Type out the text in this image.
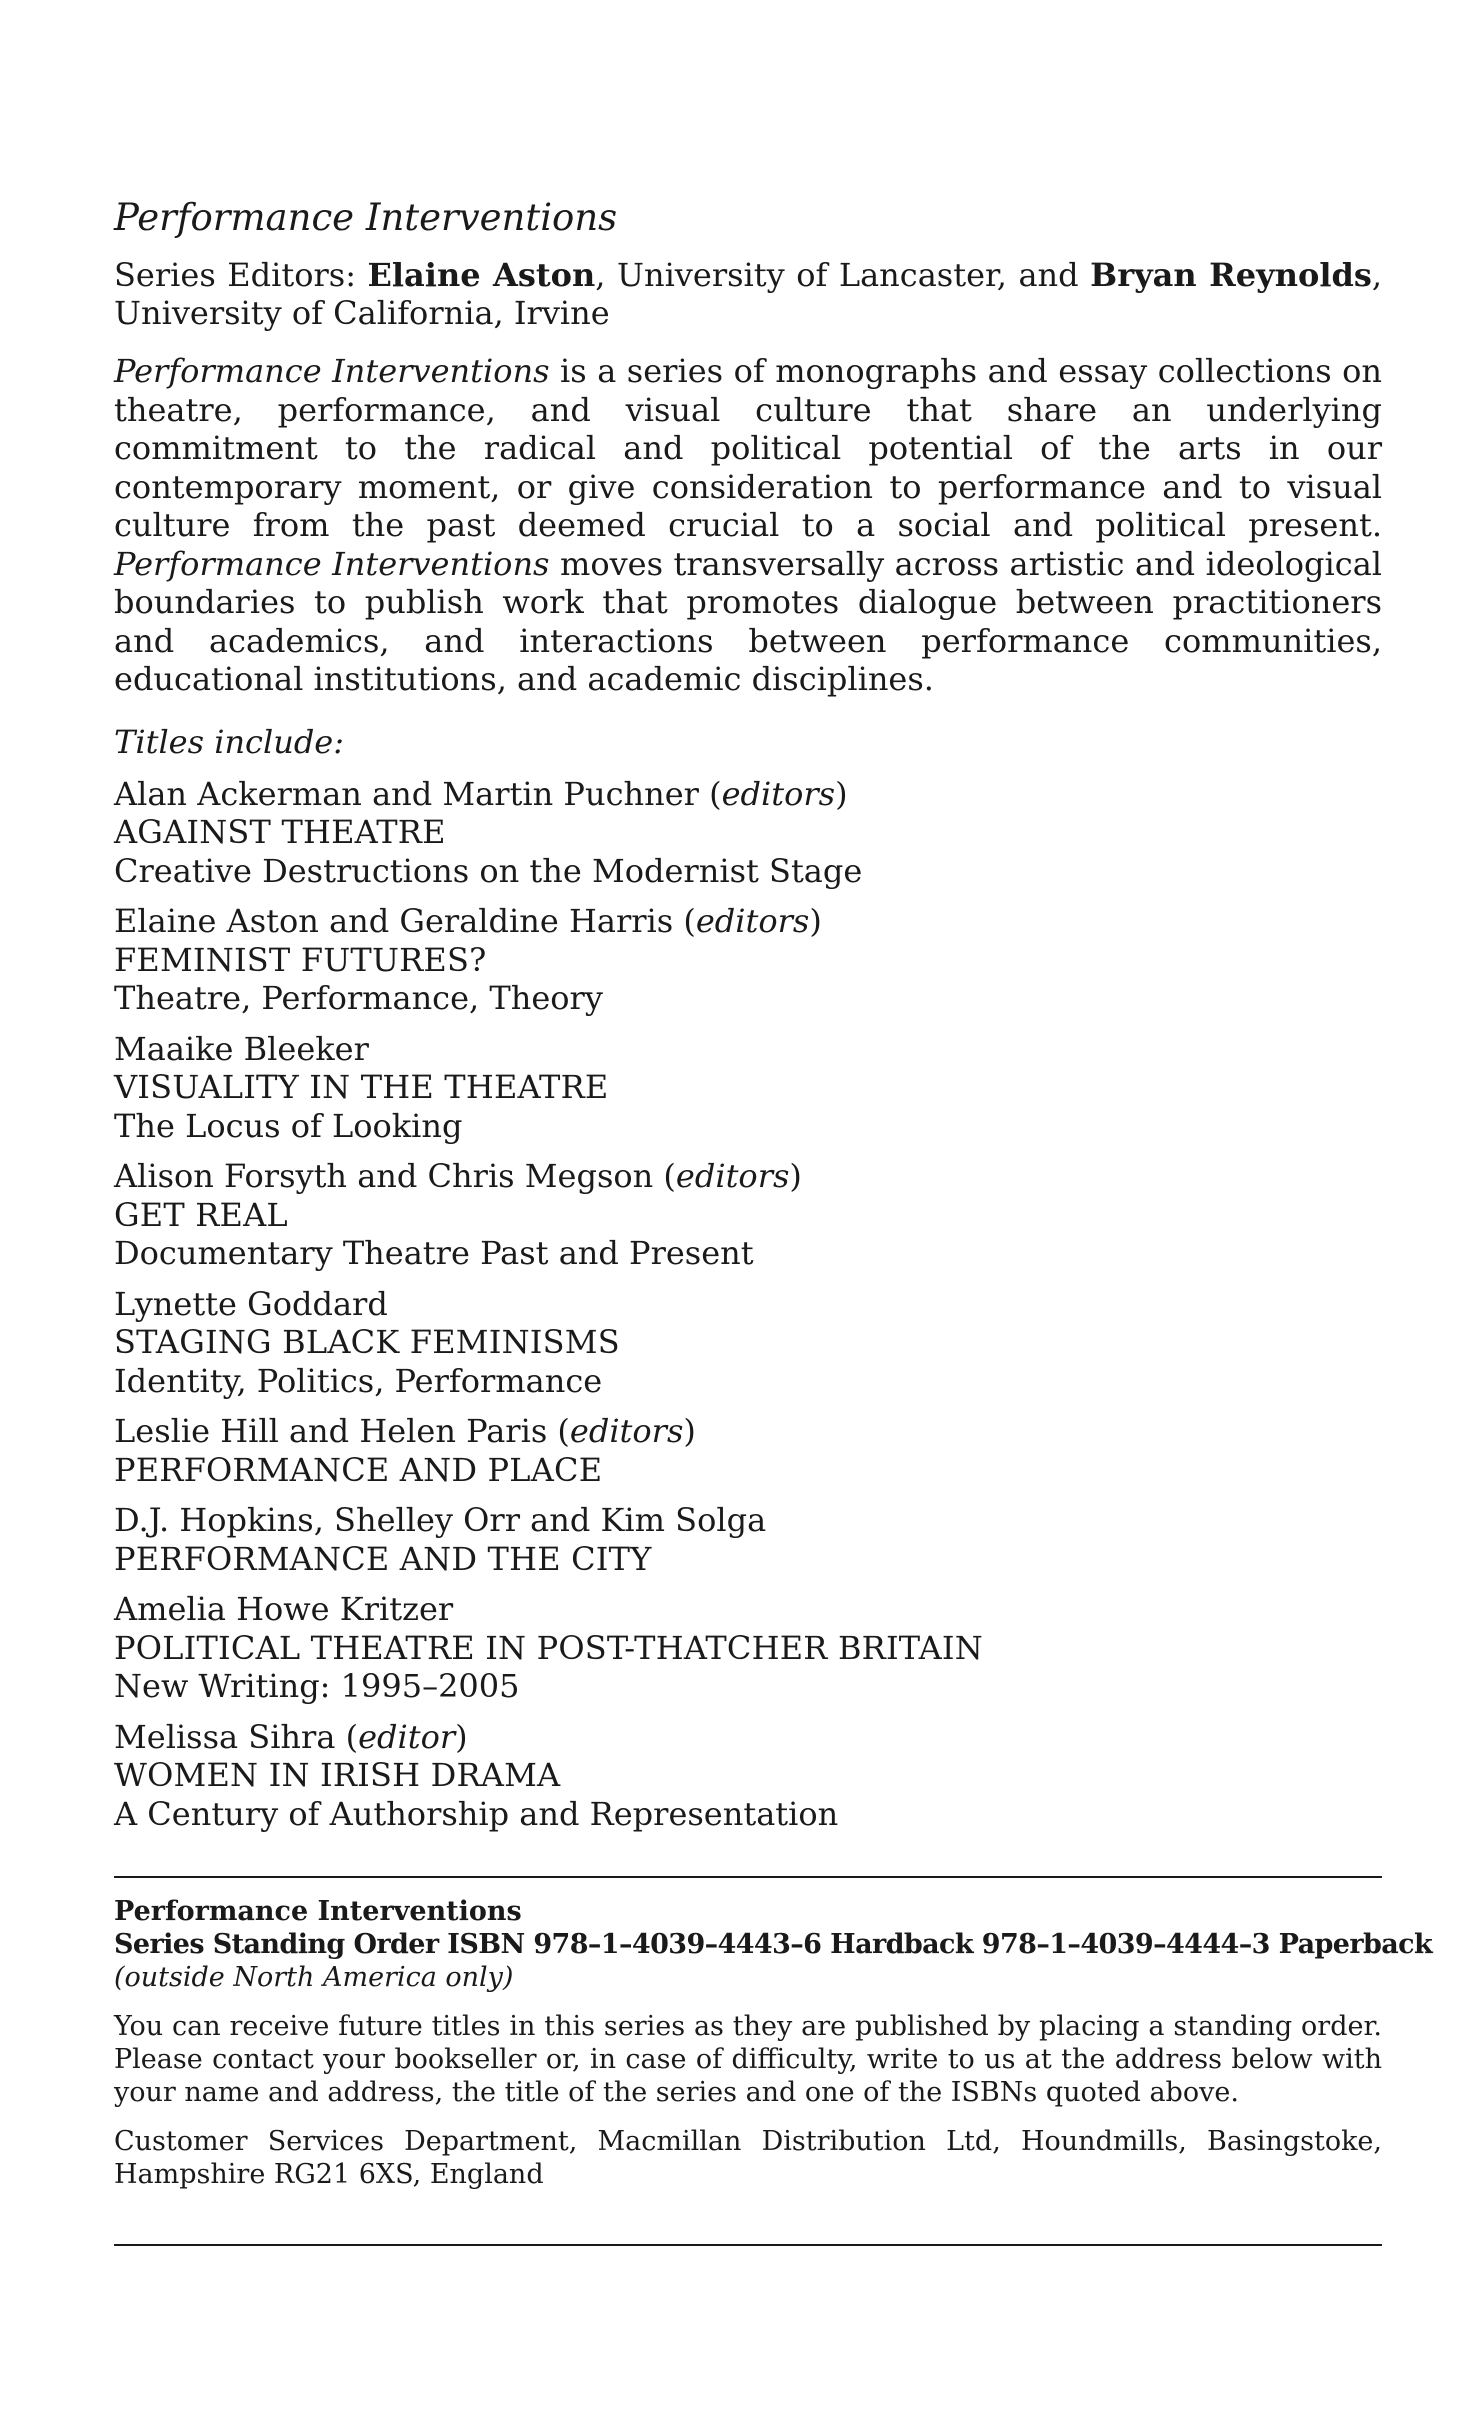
Performance Interventions

Series Editors: Elaine Aston, University of Lancaster, and Bryan Reynolds, University of California, Irvine

Performance Interventions is a series of monographs and essay collections on theatre, performance, and visual culture that share an underlying commitment to the radical and political potential of the arts in our contemporary moment, or give consideration to performance and to visual culture from the past deemed crucial to a social and political present. Performance Interventions moves transversally across artistic and ideological boundaries to publish work that promotes dialogue between practitioners and academics, and interactions between performance communities, educational institutions, and academic disciplines.

Titles include:
Alan Ackerman and Martin Puchner (editors)
AGAINST THEATRE
Creative Destructions on the Modernist Stage
Elaine Aston and Geraldine Harris (editors)
FEMINIST FUTURES?
Theatre, Performance, Theory
Maaike Bleeker
VISUALITY IN THE THEATRE
The Locus of Looking
Alison Forsyth and Chris Megson (editors)
GET REAL
Documentary Theatre Past and Present
Lynette Goddard
STAGING BLACK FEMINISMS
Identity, Politics, Performance
Leslie Hill and Helen Paris (editors)
PERFORMANCE AND PLACE
D.J. Hopkins, Shelley Orr and Kim Solga
PERFORMANCE AND THE CITY
Amelia Howe Kritzer
POLITICAL THEATRE IN POST-THATCHER BRITAIN
New Writing: 1995–2005
Melissa Sihra (editor)
WOMEN IN IRISH DRAMA
A Century of Authorship and Representation
Performance Interventions
Series Standing Order ISBN 978–1–4039–4443–6 Hardback 978–1–4039–4444–3 Paperback
(outside North America only)

You can receive future titles in this series as they are published by placing a standing order. Please contact your bookseller or, in case of difficulty, write to us at the address below with your name and address, the title of the series and one of the ISBNs quoted above.

Customer Services Department, Macmillan Distribution Ltd, Houndmills, Basingstoke, Hampshire RG21 6XS, England
